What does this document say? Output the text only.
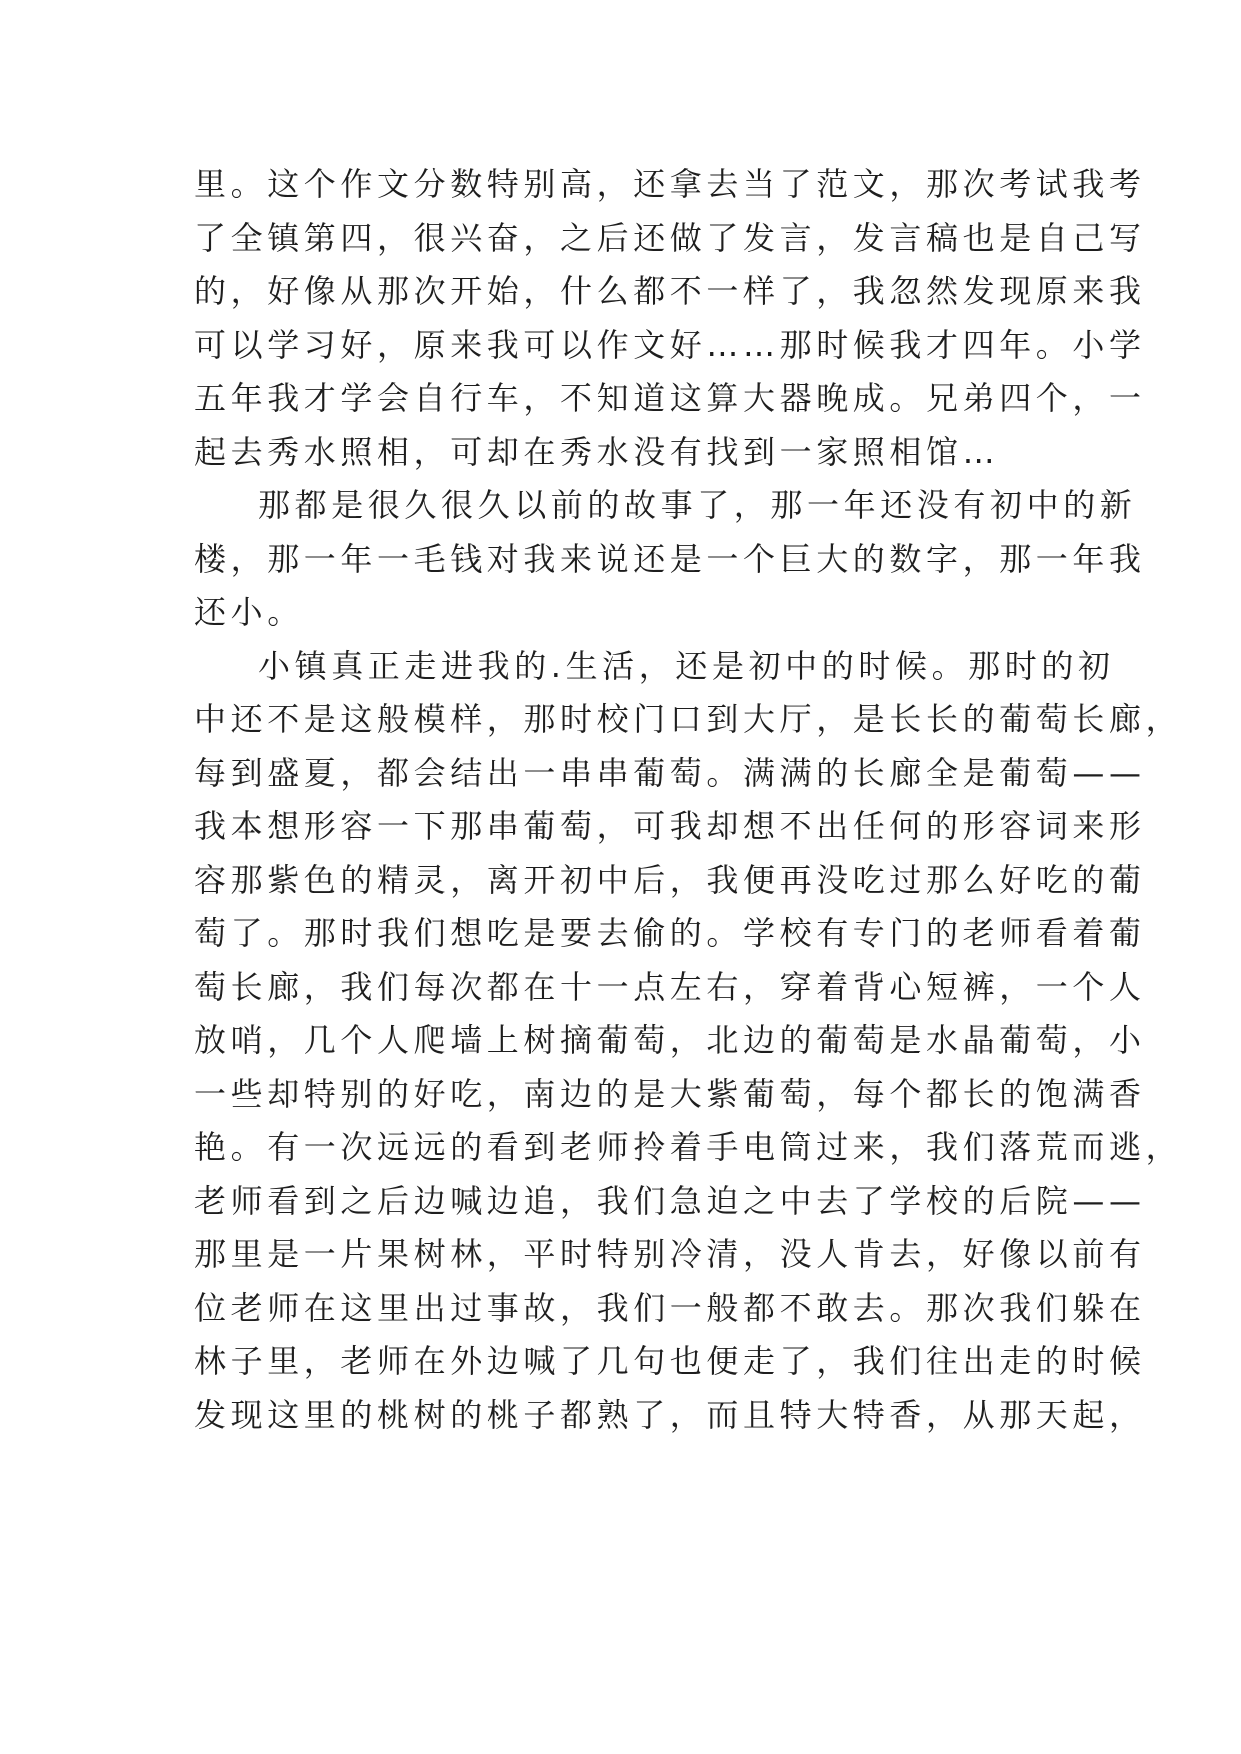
里。这个作文分数特别高，还拿去当了范文，那次考试我考
了全镇第四，很兴奋，之后还做了发言，发言稿也是自己写
的，好像从那次开始，什么都不一样了，我忽然发现原来我
可以学习好，原来我可以作文好……那时候我才四年。小学
五年我才学会自行车，不知道这算大器晚成。兄弟四个，一
起去秀水照相，可却在秀水没有找到一家照相馆…
那都是很久很久以前的故事了，那一年还没有初中的新
楼，那一年一毛钱对我来说还是一个巨大的数字，那一年我
还小。
小镇真正走进我的.生活，还是初中的时候。那时的初
中还不是这般模样，那时校门口到大厅，是长长的葡萄长廊，
每到盛夏，都会结出一串串葡萄。满满的长廊全是葡萄——
我本想形容一下那串葡萄，可我却想不出任何的形容词来形
容那紫色的精灵，离开初中后，我便再没吃过那么好吃的葡
萄了。那时我们想吃是要去偷的。学校有专门的老师看着葡
萄长廊，我们每次都在十一点左右，穿着背心短裤，一个人
放哨，几个人爬墙上树摘葡萄，北边的葡萄是水晶葡萄，小
一些却特别的好吃，南边的是大紫葡萄，每个都长的饱满香
艳。有一次远远的看到老师拎着手电筒过来，我们落荒而逃，
老师看到之后边喊边追，我们急迫之中去了学校的后院——
那里是一片果树林，平时特别冷清，没人肯去，好像以前有
位老师在这里出过事故，我们一般都不敢去。那次我们躲在
林子里，老师在外边喊了几句也便走了，我们往出走的时候
发现这里的桃树的桃子都熟了，而且特大特香，从那天起，
